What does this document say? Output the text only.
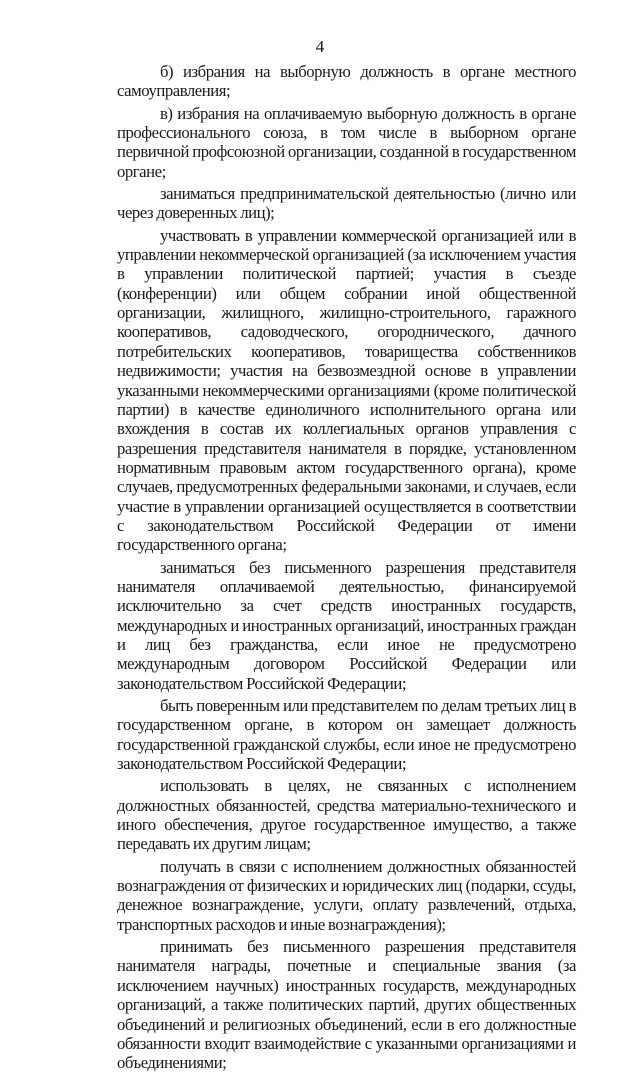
4

б) избрания на выборную должность в органе местного самоуправления;

в) избрания на оплачиваемую выборную должность в органе профессионального союза, в том числе в выборном органе первичной профсоюзной организации, созданной в государственном органе;

заниматься предпринимательской деятельностью (лично или через доверенных лиц);

участвовать в управлении коммерческой организацией или в управлении некоммерческой организацией (за исключением участия в управлении политической партией; участия в съезде (конференции) или общем собрании иной общественной организации, жилищного, жилищно-строительного, гаражного кооперативов, садоводческого, огороднического, дачного потребительских кооперативов, товарищества собственников недвижимости; участия на безвозмездной основе в управлении указанными некоммерческими организациями (кроме политической партии) в качестве единоличного исполнительного органа или вхождения в состав их коллегиальных органов управления с разрешения представителя нанимателя в порядке, установленном нормативным правовым актом государственного органа), кроме случаев, предусмотренных федеральными законами, и случаев, если участие в управлении организацией осуществляется в соответствии с законодательством Российской Федерации от имени государственного органа;

заниматься без письменного разрешения представителя нанимателя оплачиваемой деятельностью, финансируемой исключительно за счет средств иностранных государств, международных и иностранных организаций, иностранных граждан и лиц без гражданства, если иное не предусмотрено международным договором Российской Федерации или законодательством Российской Федерации;

быть поверенным или представителем по делам третьих лиц в государственном органе, в котором он замещает должность государственной гражданской службы, если иное не предусмотрено законодательством Российской Федерации;

использовать в целях, не связанных с исполнением должностных обязанностей, средства материально-технического и иного обеспечения, другое государственное имущество, а также передавать их другим лицам;

получать в связи с исполнением должностных обязанностей вознаграждения от физических и юридических лиц (подарки, ссуды, денежное вознаграждение, услуги, оплату развлечений, отдыха, транспортных расходов и иные вознаграждения);

принимать без письменного разрешения представителя нанимателя награды, почетные и специальные звания (за исключением научных) иностранных государств, международных организаций, а также политических партий, других общественных объединений и религиозных объединений, если в его должностные обязанности входит взаимодействие с указанными организациями и объединениями;
